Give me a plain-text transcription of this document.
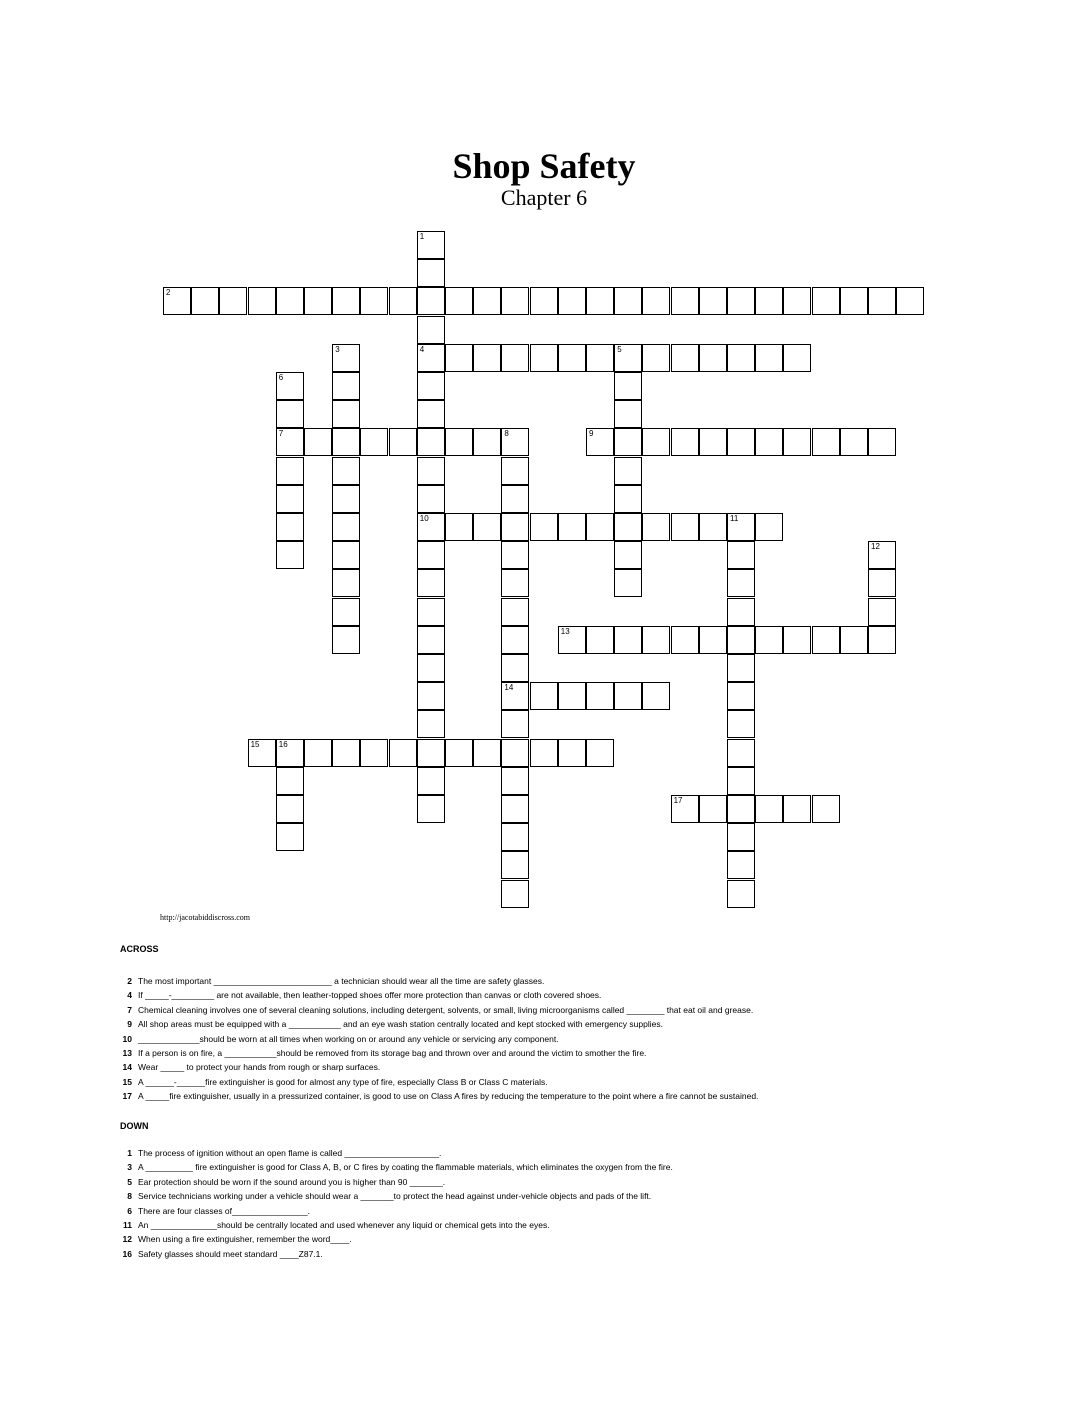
Shop Safety
Chapter 6
1
4
10
2
3	5
6
7	8
14
9
11
12
13
15 16
17
http://jacotabiddiscross.com
ACROSS
2 The most important _________________________ a technician should wear all the time are safety glasses.
4 If _____-_________ are not available, then leather-topped shoes offer more protection than canvas or cloth covered shoes.
7 Chemical cleaning involves one of several cleaning solutions, including detergent, solvents, or small, living microorganisms called ________ that eat oil and grease.
9 All shop areas must be equipped with a ___________ and an eye wash station centrally located and kept stocked with emergency supplies.
10 _____________should be worn at all times when working on or around any vehicle or servicing any component.
13 If a person is on fire, a ___________should be removed from its storage bag and thrown over and around the victim to smother the fire.
14 Wear _____ to protect your hands from rough or sharp surfaces.
15 A ______-______fire extinguisher is good for almost any type of fire, especially Class B or Class C materials.
17 A _____fire extinguisher, usually in a pressurized container, is good to use on Class A fires by reducing the temperature to the point where a fire cannot be sustained.
DOWN
1 The process of ignition without an open flame is called ____________________.
3 A __________ fire extinguisher is good for Class A, B, or C fires by coating the flammable materials, which eliminates the oxygen from the fire.
5 Ear protection should be worn if the sound around you is higher than 90 _______.
8 Service technicians working under a vehicle should wear a _______to protect the head against under-vehicle objects and pads of the lift.
6 There are four classes of________________.
11 An ______________should be centrally located and used whenever any liquid or chemical gets into the eyes.
12 When using a fire extinguisher, remember the word____.
16 Safety glasses should meet standard ____Z87.1.
